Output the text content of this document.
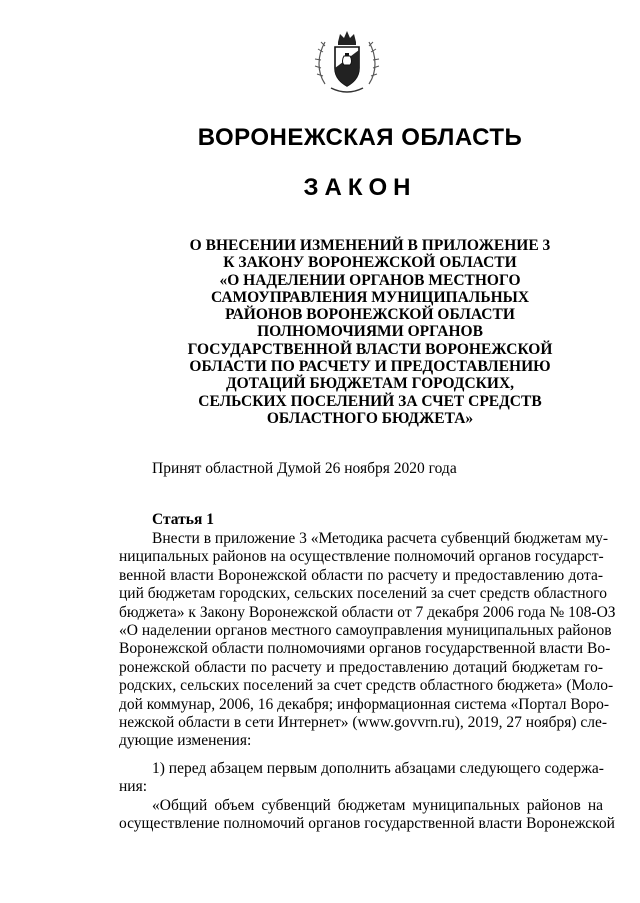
ВОРОНЕЖСКАЯ ОБЛАСТЬ
ЗАКОН
О ВНЕСЕНИИ ИЗМЕНЕНИЙ В ПРИЛОЖЕНИЕ 3
К ЗАКОНУ ВОРОНЕЖСКОЙ ОБЛАСТИ
«О НАДЕЛЕНИИ ОРГАНОВ МЕСТНОГО
САМОУПРАВЛЕНИЯ МУНИЦИПАЛЬНЫХ
РАЙОНОВ ВОРОНЕЖСКОЙ ОБЛАСТИ
ПОЛНОМОЧИЯМИ ОРГАНОВ
ГОСУДАРСТВЕННОЙ ВЛАСТИ ВОРОНЕЖСКОЙ
ОБЛАСТИ ПО РАСЧЕТУ И ПРЕДОСТАВЛЕНИЮ
ДОТАЦИЙ БЮДЖЕТАМ ГОРОДСКИХ,
СЕЛЬСКИХ ПОСЕЛЕНИЙ ЗА СЧЕТ СРЕДСТВ
ОБЛАСТНОГО БЮДЖЕТА»
Принят областной Думой 26 ноября 2020 года
Статья 1
Внести в приложение 3 «Методика расчета субвенций бюджетам му-
ниципальных районов на осуществление полномочий органов государст-
венной власти Воронежской области по расчету и предоставлению дота-
ций бюджетам городских, сельских поселений за счет средств областного
бюджета» к Закону Воронежской области от 7 декабря 2006 года № 108-ОЗ
«О наделении органов местного самоуправления муниципальных районов
Воронежской области полномочиями органов государственной власти Во-
ронежской области по расчету и предоставлению дотаций бюджетам го-
родских, сельских поселений за счет средств областного бюджета» (Моло-
дой коммунар, 2006, 16 декабря; информационная система «Портал Воро-
нежской области в сети Интернет» (www.govvrn.ru), 2019, 27 ноября) сле-
дующие изменения:
1) перед абзацем первым дополнить абзацами следующего содержа-
ния:
«Общий объем субвенций бюджетам муниципальных районов на
осуществление полномочий органов государственной власти Воронежской
